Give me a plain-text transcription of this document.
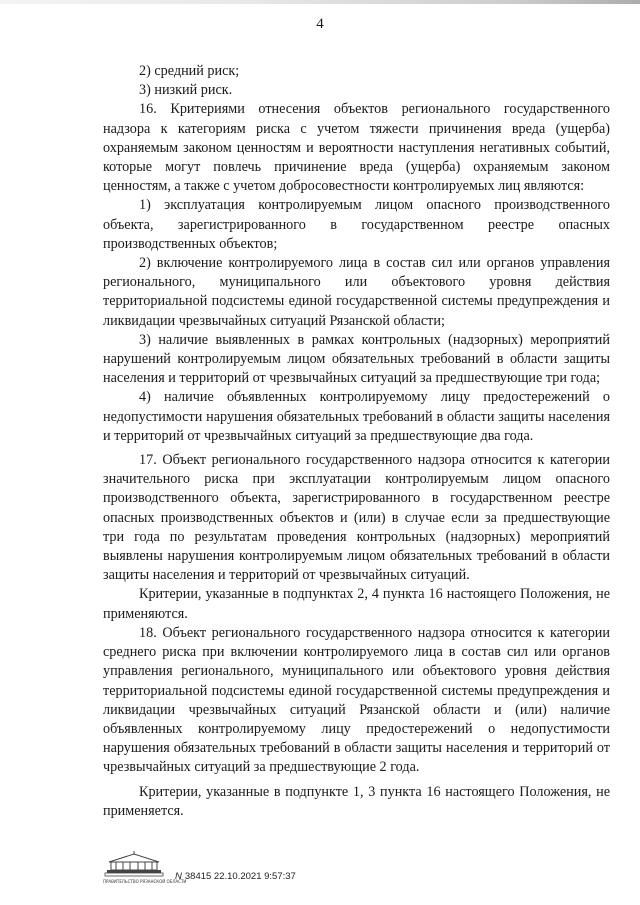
4

2) средний риск;

3) низкий риск.

16. Критериями отнесения объектов регионального государственного надзора к категориям риска с учетом тяжести причинения вреда (ущерба) охраняемым законом ценностям и вероятности наступления негативных событий, которые могут повлечь причинение вреда (ущерба) охраняемым законом ценностям, а также с учетом добросовестности контролируемых лиц являются:

1) эксплуатация контролируемым лицом опасного производственного объекта, зарегистрированного в государственном реестре опасных производственных объектов;

2) включение контролируемого лица в состав сил или органов управления регионального, муниципального или объектового уровня действия территориальной подсистемы единой государственной системы предупреждения и ликвидации чрезвычайных ситуаций Рязанской области;

3) наличие выявленных в рамках контрольных (надзорных) мероприятий нарушений контролируемым лицом обязательных требований в области защиты населения и территорий от чрезвычайных ситуаций за предшествующие три года;

4) наличие объявленных контролируемому лицу предостережений о недопустимости нарушения обязательных требований в области защиты населения и территорий от чрезвычайных ситуаций за предшествующие два года.

17. Объект регионального государственного надзора относится к категории значительного риска при эксплуатации контролируемым лицом опасного производственного объекта, зарегистрированного в государственном реестре опасных производственных объектов и (или) в случае если за предшествующие три года по результатам проведения контрольных (надзорных) мероприятий выявлены нарушения контролируемым лицом обязательных требований в области защиты населения и территорий от чрезвычайных ситуаций.

Критерии, указанные в подпунктах 2, 4 пункта 16 настоящего Положения, не применяются.

18. Объект регионального государственного надзора относится к категории среднего риска при включении контролируемого лица в состав сил или органов управления регионального, муниципального или объектового уровня действия территориальной подсистемы единой государственной системы предупреждения и ликвидации чрезвычайных ситуаций Рязанской области и (или) наличие объявленных контролируемому лицу предостережений о недопустимости нарушения обязательных требований в области защиты населения и территорий от чрезвычайных ситуаций за предшествующие 2 года.

Критерии, указанные в подпункте 1, 3 пункта 16 настоящего Положения, не применяется.

ПРАВИТЕЛЬСТВО РЯЗАНСКОЙ ОБЛАСТИ
N 38415 22.10.2021 9:57:37
